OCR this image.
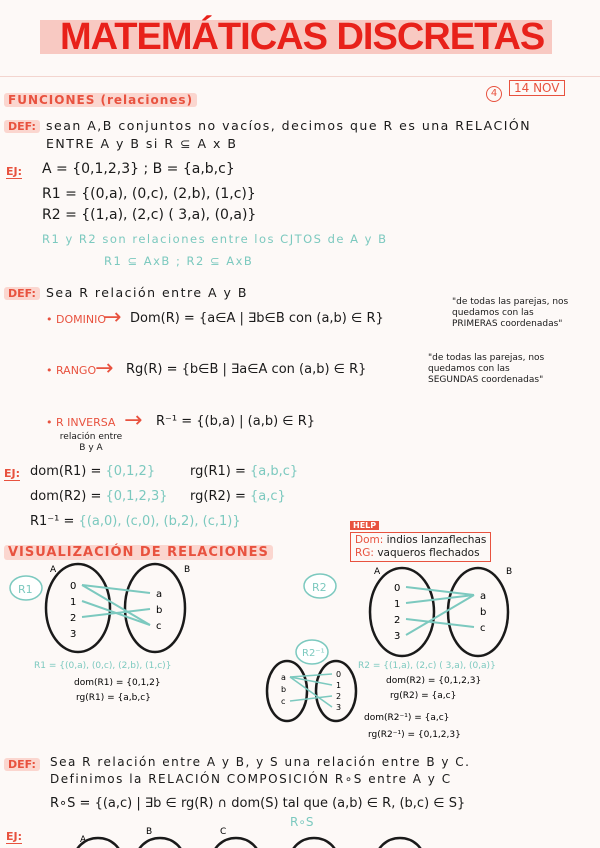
MATEMÁTICAS DISCRETAS
FUNCIONES (relaciones)	4	14 NOV
DEF: sean A,B conjuntos no vacíos, decimos que R es una RELACIÓN
ENTRE A y B si R ⊆ A x B
EJ: A = {0,1,2,3} ; B = {a,b,c}
R1 = {(0,a), (0,c), (2,b), (1,c)}
R2 = {(1,a), (2,c) ( 3,a), (0,a)}
R1 y R2 son relaciones entre los CJTOS de A y B
R1 ⊆ AxB ; R2 ⊆ AxB
DEF: Sea R relación entre A y B
• DOMINIO
→ Dom(R) = {a∈A | ∃b∈B con (a,b) ∈ R}
"de todas las parejas, nos quedamos con las PRIMERAS coordenadas"
• RANGO
→ Rg(R) = {b∈B | ∃a∈A con (a,b) ∈ R}
"de todas las parejas, nos quedamos con las SEGUNDAS coordenadas"
• R INVERSA →
relación entre B y A
R⁻¹ = {(b,a) | (a,b) ∈ R}
EJ: dom(R1) = {0,1,2}	rg(R1) = {a,b,c}
dom(R2) = {0,1,2,3} rg(R2) = {a,c}
R1⁻¹ = {(a,0), (c,0), (b,2), (c,1)}	HELP
Dom: indios lanzaflechas
RG: vaqueros flechados
VISUALIZACIÓN DE RELACIONES
R1
A	B
0
1
2
3
a
b
c
R2
A	B
0
1
2
3
a
b
c
R1 = {(0,a), (0,c), (2,b), (1,c)}
dom(R1) = {0,1,2}
rg(R1) = {a,b,c}
R2⁻¹
a
b
c
0
1
2
3
R2 = {(1,a), (2,c) ( 3,a), (0,a)}
dom(R2) = {0,1,2,3}
rg(R2) = {a,c}
dom(R2⁻¹) = {a,c}
rg(R2⁻¹) = {0,1,2,3}
DEF:	Sea R relación entre A y B, y S una relación entre B y C.
Definimos la RELACIÓN COMPOSICIÓN R∘S entre A y C
R∘S = {(a,c) | ∃b ∈ rg(R) ∩ dom(S) tal que (a,b) ∈ R, (b,c) ∈ S}
R∘S
EJ:	A
B	C
